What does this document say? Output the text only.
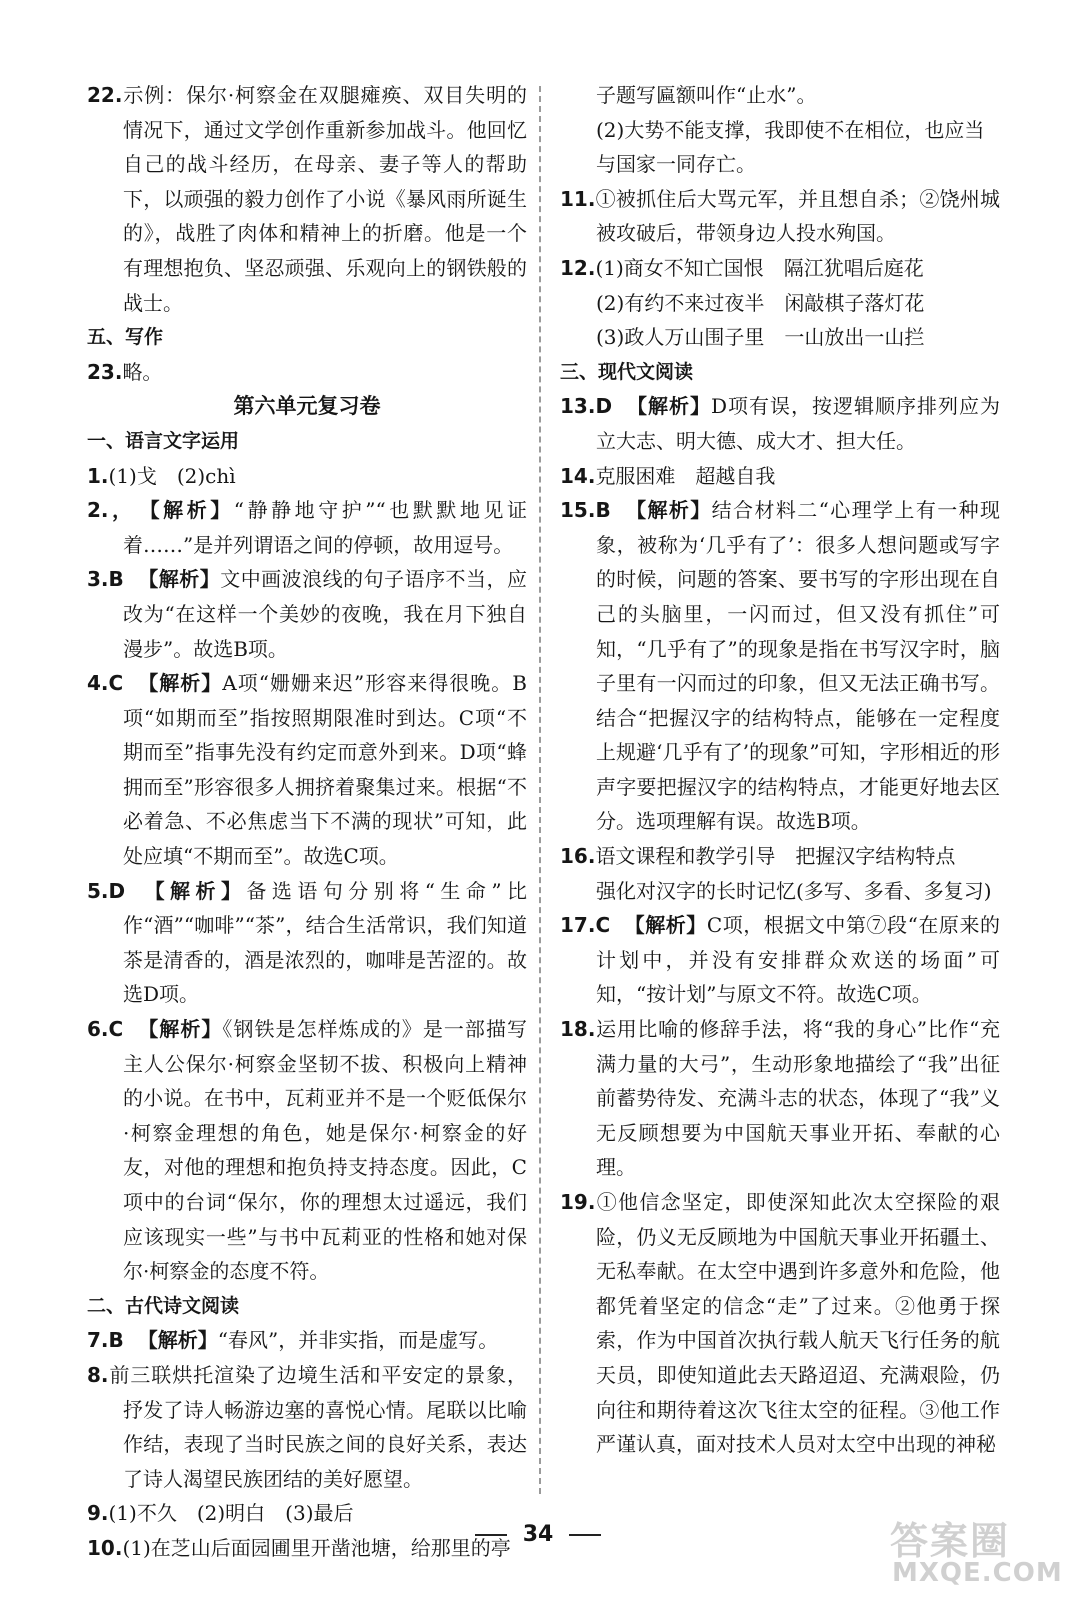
22.示例：保尔·柯察金在双腿瘫痪、双目失明的情况下，通过文学创作重新参加战斗。他回忆自己的战斗经历，在母亲、妻子等人的帮助下，以顽强的毅力创作了小说《暴风雨所诞生的》，战胜了肉体和精神上的折磨。他是一个有理想抱负、坚忍顽强、乐观向上的钢铁般的战士。

五、写作

23.略。

第六单元复习卷

一、语言文字运用

1.(1)戈　(2)chì

2.， 【解析】“静静地守护”“也默默地见证着……”是并列谓语之间的停顿，故用逗号。

3.B 【解析】文中画波浪线的句子语序不当，应改为“在这样一个美妙的夜晚，我在月下独自漫步”。故选B项。

4.C 【解析】A项“姗姗来迟”形容来得很晚。B项“如期而至”指按照期限准时到达。C项“不期而至”指事先没有约定而意外到来。D项“蜂拥而至”形容很多人拥挤着聚集过来。根据“不必着急、不必焦虑当下不满的现状”可知，此处应填“不期而至”。故选C项。

5.D 【解析】备选语句分别将“生命”比作“酒”“咖啡”“茶”，结合生活常识，我们知道茶是清香的，酒是浓烈的，咖啡是苦涩的。故选D项。

6.C 【解析】《钢铁是怎样炼成的》是一部描写主人公保尔·柯察金坚韧不拔、积极向上精神的小说。在书中，瓦莉亚并不是一个贬低保尔·柯察金理想的角色，她是保尔·柯察金的好友，对他的理想和抱负持支持态度。因此，C项中的台词“保尔，你的理想太过遥远，我们应该现实一些”与书中瓦莉亚的性格和她对保尔·柯察金的态度不符。

二、古代诗文阅读

7.B 【解析】“春风”，并非实指，而是虚写。

8.前三联烘托渲染了边境生活和平安定的景象，抒发了诗人畅游边塞的喜悦心情。尾联以比喻作结，表现了当时民族之间的良好关系，表达了诗人渴望民族团结的美好愿望。

9.(1)不久　(2)明白　(3)最后

10.(1)在芝山后面园圃里开凿池塘，给那里的亭

子题写匾额叫作“止水”。

(2)大势不能支撑，我即使不在相位，也应当与国家一同存亡。

11.①被抓住后大骂元军，并且想自杀；②饶州城被攻破后，带领身边人投水殉国。

12.(1)商女不知亡国恨　隔江犹唱后庭花

(2)有约不来过夜半　闲敲棋子落灯花

(3)政人万山围子里　一山放出一山拦

三、现代文阅读

13.D 【解析】D项有误，按逻辑顺序排列应为立大志、明大德、成大才、担大任。

14.克服困难　超越自我

15.B 【解析】结合材料二“心理学上有一种现象，被称为‘几乎有了’：很多人想问题或写字的时候，问题的答案、要书写的字形出现在自己的头脑里，一闪而过，但又没有抓住”可知，“几乎有了”的现象是指在书写汉字时，脑子里有一闪而过的印象，但又无法正确书写。结合“把握汉字的结构特点，能够在一定程度上规避‘几乎有了’的现象”可知，字形相近的形声字要把握汉字的结构特点，才能更好地去区分。选项理解有误。故选B项。

16.语文课程和教学引导　把握汉字结构特点

强化对汉字的长时记忆(多写、多看、多复习)

17.C 【解析】C项，根据文中第⑦段“在原来的计划中，并没有安排群众欢送的场面”可知，“按计划”与原文不符。故选C项。

18.运用比喻的修辞手法，将“我的身心”比作“充满力量的大弓”，生动形象地描绘了“我”出征前蓄势待发、充满斗志的状态，体现了“我”义无反顾想要为中国航天事业开拓、奉献的心理。

19.①他信念坚定，即使深知此次太空探险的艰险，仍义无反顾地为中国航天事业开拓疆土、无私奉献。在太空中遇到许多意外和危险，他都凭着坚定的信念“走”了过来。②他勇于探索，作为中国首次执行载人航天飞行任务的航天员，即使知道此去天路迢迢、充满艰险，仍向往和期待着这次飞往太空的征程。③他工作严谨认真，面对技术人员对太空中出现的神秘

34	答案圈
MXQE.COM
